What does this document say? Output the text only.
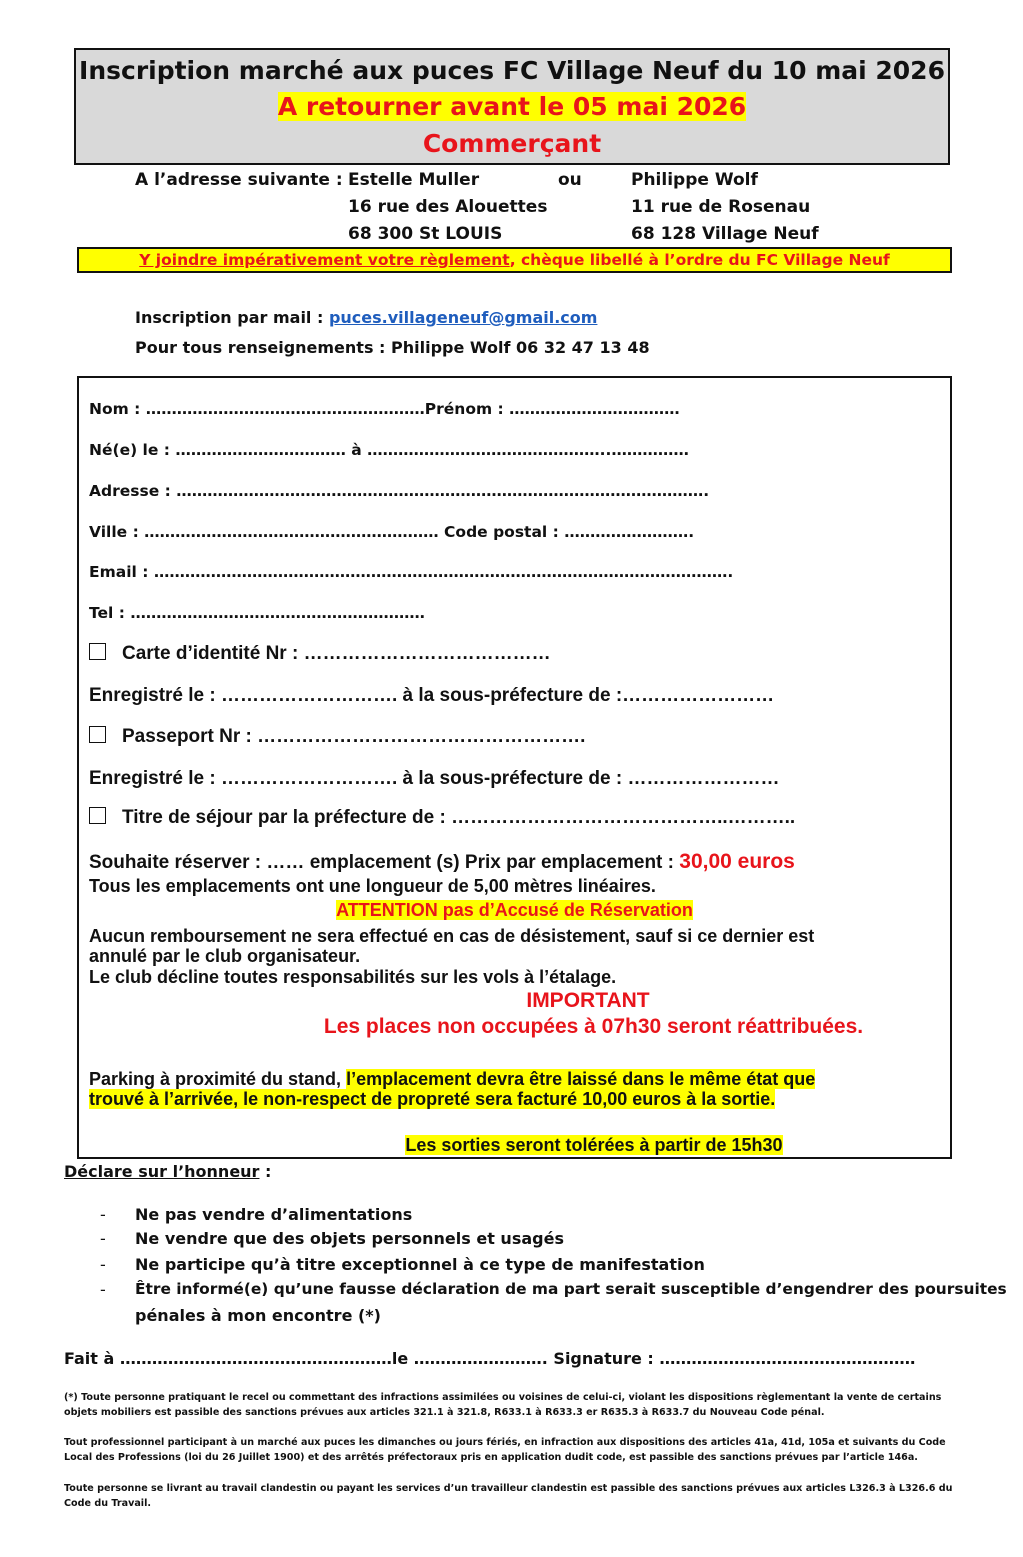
Inscription marché aux puces FC Village Neuf du 10 mai 2026
A retourner avant le 05 mai 2026
Commerçant
A l’adresse suivante : Estelle Muller
16 rue des Alouettes
68 300 St LOUIS
ou	Philippe Wolf
11 rue de Rosenau
68 128 Village Neuf
Y joindre impérativement votre règlement, chèque libellé à l’ordre du FC Village Neuf
Inscription par mail : puces.villageneuf@gmail.com
Pour tous renseignements : Philippe Wolf 06 32 47 13 48
Nom : ………………………………………………Prénom : ……………………………
Né(e) le : …………………………… à ………………………………………..……………
Adresse : ………………………………………………………………………………………….
Ville : ………………………………………………… Code postal : …………………….
Email : ………………………………………………………………………………………………….
Tel : …………………………………………………
Carte d’identité Nr : …………………………………
Enregistré le : ………………………. à la sous-préfecture de :……………………
Passeport Nr : …………………………………………….
Enregistré le : ………………………. à la sous-préfecture de : ……………………
Titre de séjour par la préfecture de : ……………………………………..………..
Souhaite réserver : …… emplacement (s) Prix par emplacement : 30,00 euros
Tous les emplacements ont une longueur de 5,00 mètres linéaires.
ATTENTION pas d’Accusé de Réservation
Aucun remboursement ne sera effectué en cas de désistement, sauf si ce dernier est
annulé par le club organisateur.
Le club décline toutes responsabilités sur les vols à l’étalage.
IMPORTANT
Les places non occupées à 07h30 seront réattribuées.
Parking à proximité du stand, l’emplacement devra être laissé dans le même état que
trouvé à l’arrivée, le non-respect de propreté sera facturé 10,00 euros à la sortie.
Les sorties seront tolérées à partir de 15h30
Déclare sur l’honneur :
- Ne pas vendre d’alimentations
- Ne vendre que des objets personnels et usagés
- Ne participe qu’à titre exceptionnel à ce type de manifestation
- Être informé(e) qu’une fausse déclaration de ma part serait susceptible d’engendrer des poursuites
pénales à mon encontre (*)
Fait à ……………………………………………le ……………………. Signature : …………………………………………
(*) Toute personne pratiquant le recel ou commettant des infractions assimilées ou voisines de celui-ci, violant les dispositions règlementant la vente de certains objets mobiliers est passible des sanctions prévues aux articles 321.1 à 321.8, R633.1 à R633.3 er R635.3 à R633.7 du Nouveau Code pénal.
Tout professionnel participant à un marché aux puces les dimanches ou jours fériés, en infraction aux dispositions des articles 41a, 41d, 105a et suivants du Code Local des Professions (loi du 26 Juillet 1900) et des arrêtés préfectoraux pris en application dudit code, est passible des sanctions prévues par l’article 146a.
Toute personne se livrant au travail clandestin ou payant les services d’un travailleur clandestin est passible des sanctions prévues aux articles L326.3 à L326.6 du Code du Travail.
